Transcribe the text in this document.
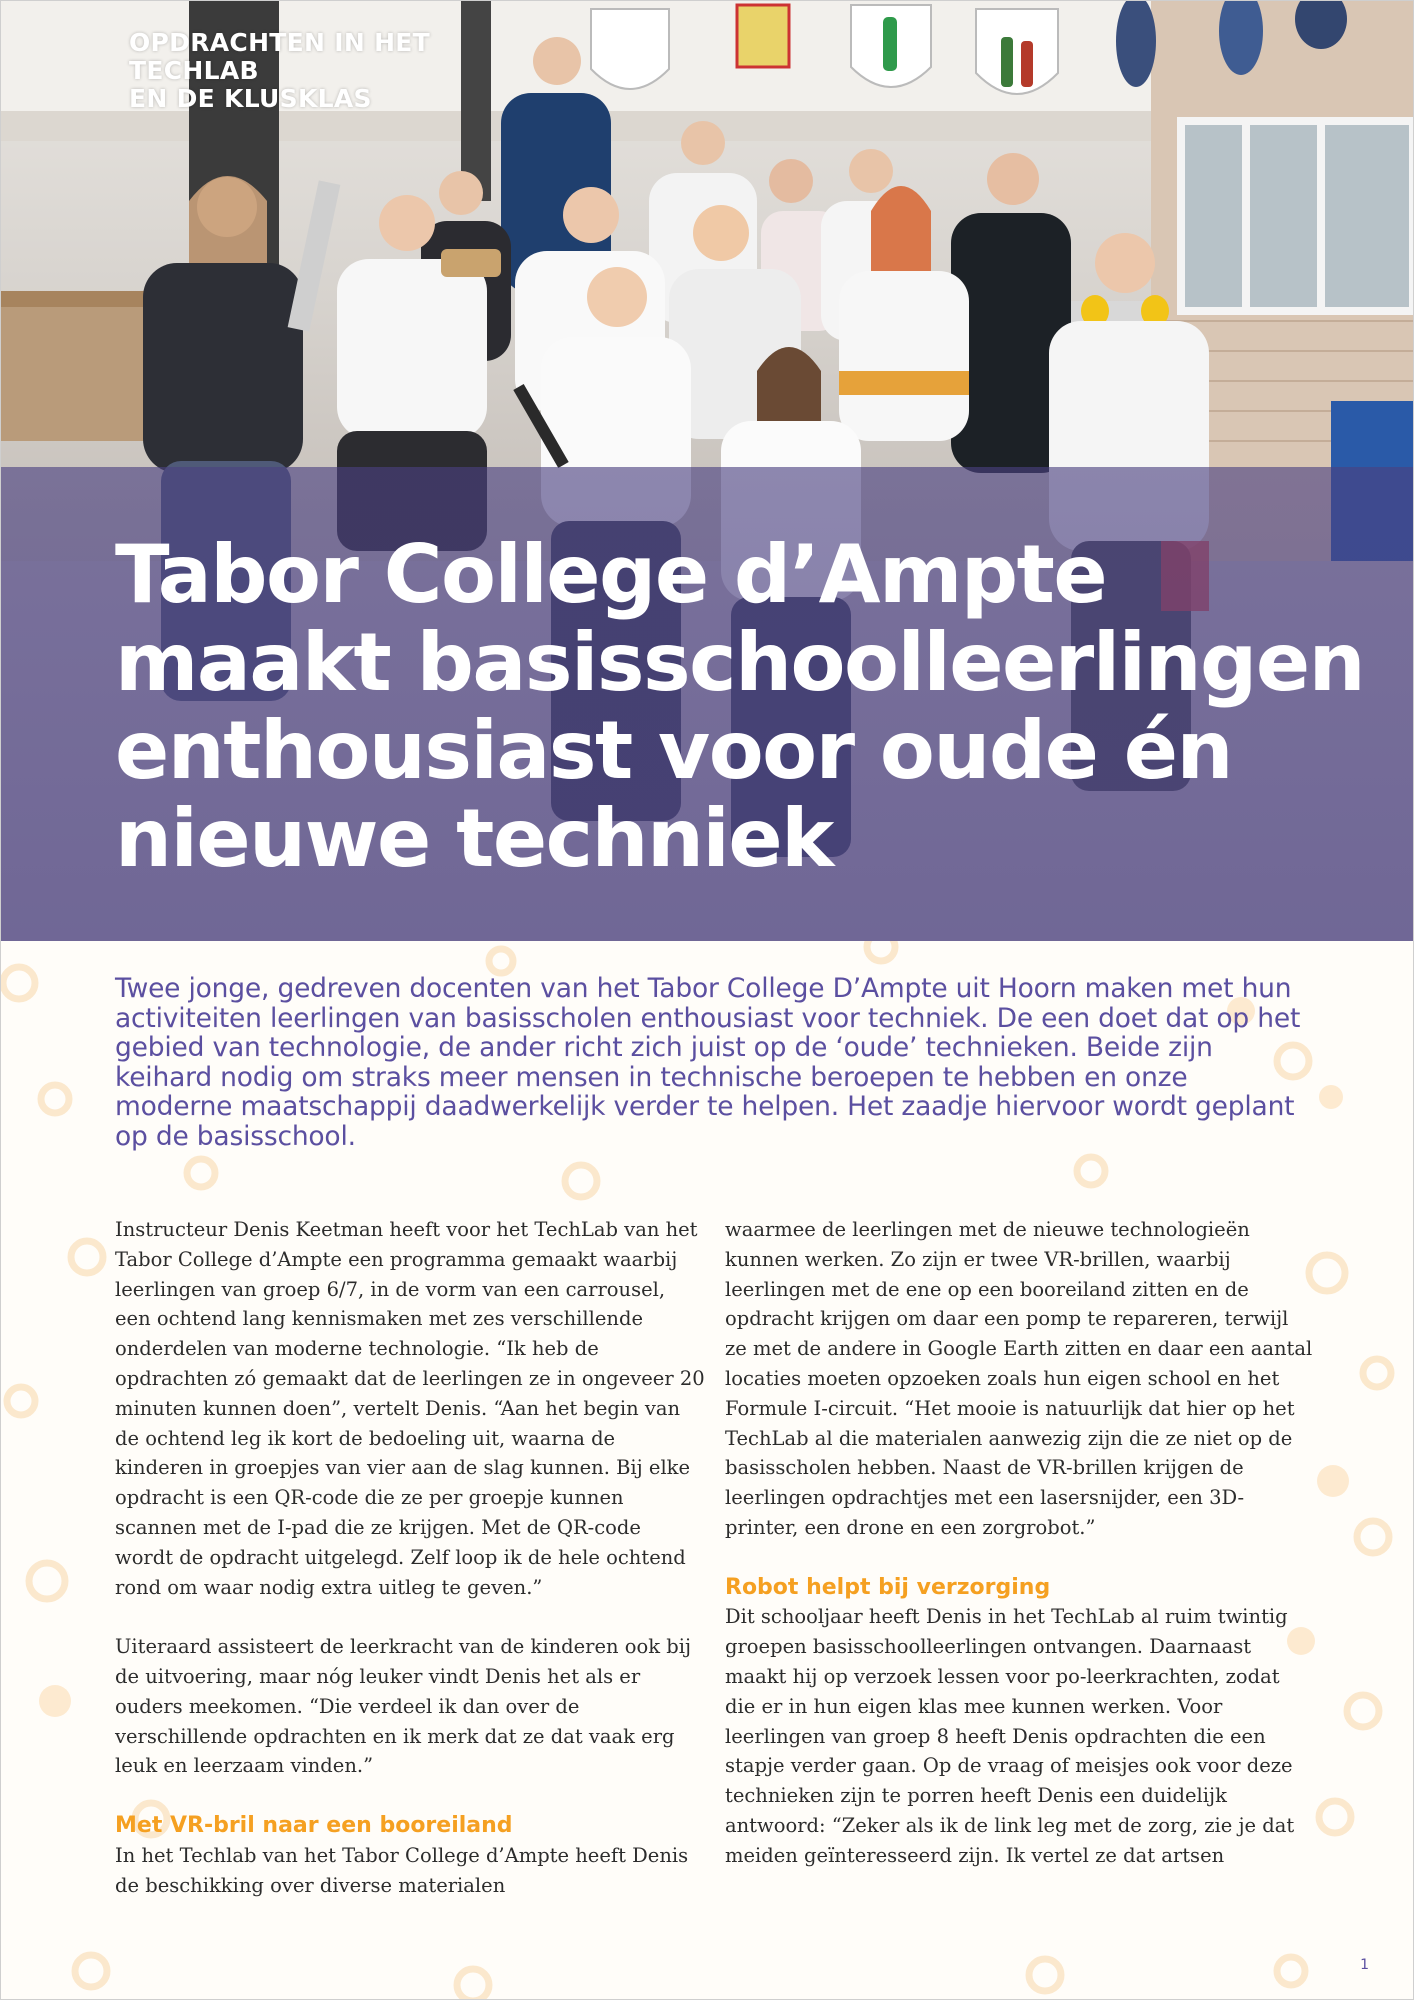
OPDRACHTEN IN HET TECHLAB
EN DE KLUSKLAS
Tabor College d’Ampte
maakt basisschoolleerlingen
enthousiast voor oude én
nieuwe techniek

Twee jonge, gedreven docenten van het Tabor College D’Ampte uit Hoorn maken met hun activiteiten leerlingen van basisscholen enthousiast voor techniek. De een doet dat op het gebied van technologie, de ander richt zich juist op de ‘oude’ technieken. Beide zijn keihard nodig om straks meer mensen in technische beroepen te hebben en onze moderne maatschappij daadwerkelijk verder te helpen. Het zaadje hiervoor wordt geplant op de basisschool.

Instructeur Denis Keetman heeft voor het TechLab van het Tabor College d’Ampte een programma gemaakt waarbij leerlingen van groep 6/7, in de vorm van een carrousel, een ochtend lang kennismaken met zes verschillende onderdelen van moderne technologie. “Ik heb de opdrachten zó gemaakt dat de leerlingen ze in ongeveer 20 minuten kunnen doen”, vertelt Denis. “Aan het begin van de ochtend leg ik kort de bedoeling uit, waarna de kinderen in groepjes van vier aan de slag kunnen. Bij elke opdracht is een QR-code die ze per groepje kunnen scannen met de I-pad die ze krijgen. Met de QR-code wordt de opdracht uitgelegd. Zelf loop ik de hele ochtend rond om waar nodig extra uitleg te geven.”

Uiteraard assisteert de leerkracht van de kinderen ook bij de uitvoering, maar nóg leuker vindt Denis het als er ouders meekomen. “Die verdeel ik dan over de verschillende opdrachten en ik merk dat ze dat vaak erg leuk en leerzaam vinden.”

Met VR-bril naar een booreiland

In het Techlab van het Tabor College d’Ampte heeft Denis de beschikking over diverse materialen

waarmee de leerlingen met de nieuwe technologieën kunnen werken. Zo zijn er twee VR-brillen, waarbij leerlingen met de ene op een booreiland zitten en de opdracht krijgen om daar een pomp te repareren, terwijl ze met de andere in Google Earth zitten en daar een aantal locaties moeten opzoeken zoals hun eigen school en het Formule I-circuit. “Het mooie is natuurlijk dat hier op het TechLab al die materialen aanwezig zijn die ze niet op de basisscholen hebben. Naast de VR-brillen krijgen de leerlingen opdrachtjes met een lasersnijder, een 3D-printer, een drone en een zorgrobot.”

Robot helpt bij verzorging

Dit schooljaar heeft Denis in het TechLab al ruim twintig groepen basisschoolleerlingen ontvangen. Daarnaast maakt hij op verzoek lessen voor po-leerkrachten, zodat die er in hun eigen klas mee kunnen werken. Voor leerlingen van groep 8 heeft Denis opdrachten die een stapje verder gaan. Op de vraag of meisjes ook voor deze technieken zijn te porren heeft Denis een duidelijk antwoord: “Zeker als ik de link leg met de zorg, zie je dat meiden geïnteresseerd zijn. Ik vertel ze dat artsen

1
